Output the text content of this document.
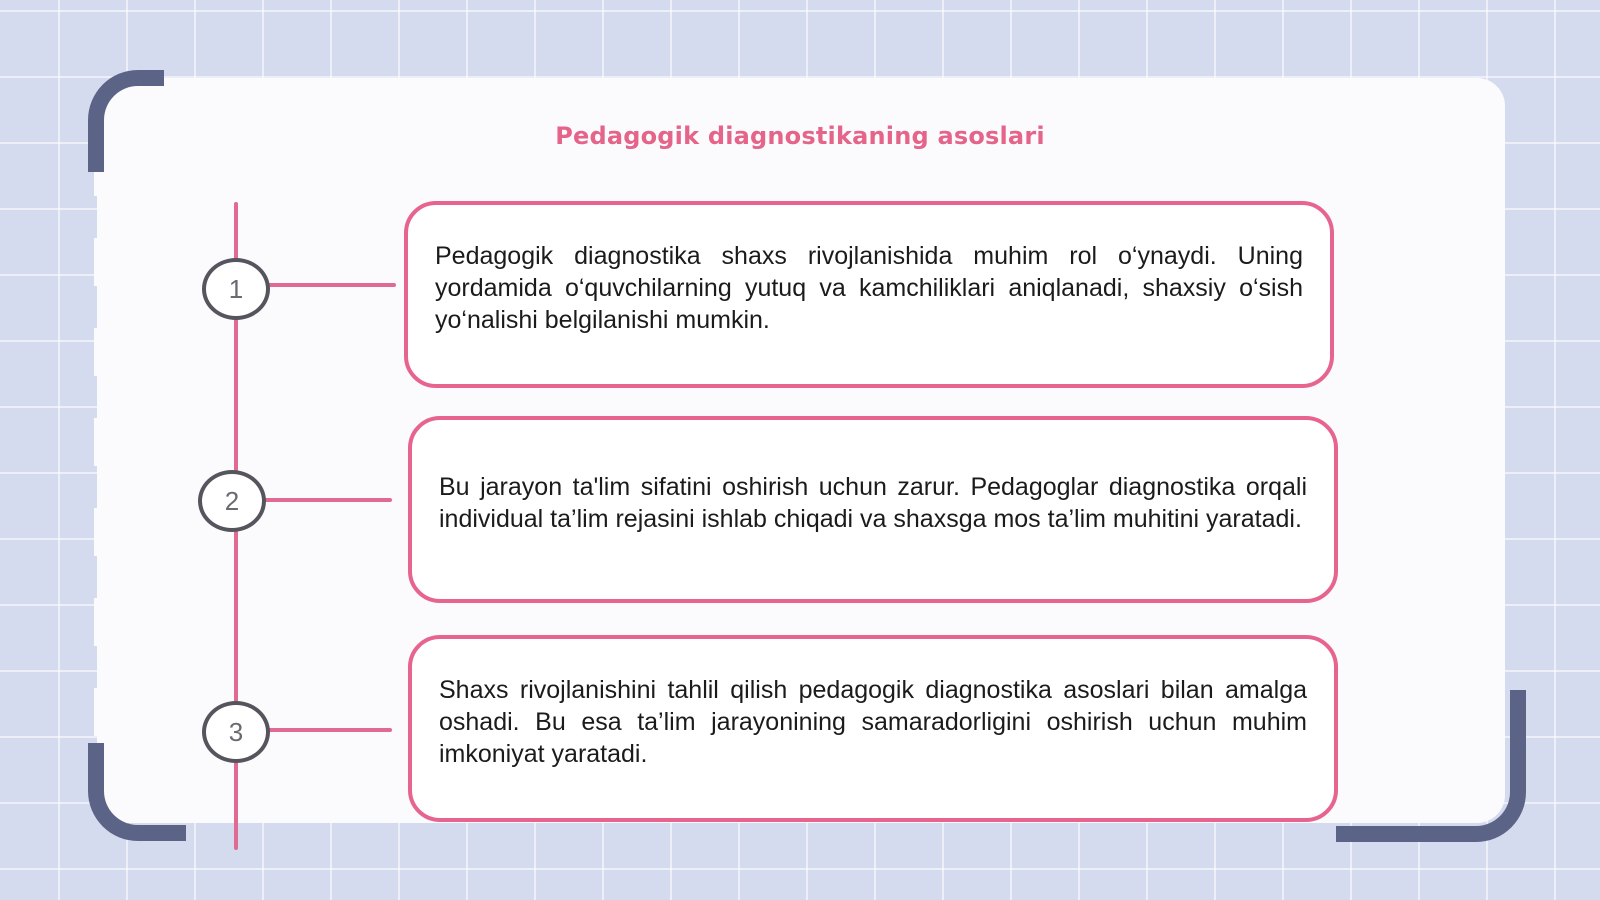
Pedagogik diagnostikaning asoslari
1

Pedagogik diagnostika shaxs rivojlanishida muhim rol o‘ynaydi. Uning yordamida o‘quvchilarning yutuq va kamchiliklari aniqlanadi, shaxsiy o‘sish yo‘nalishi belgilanishi mumkin.

2	Bu jarayon ta'lim sifatini oshirish uchun zarur. Pedagoglar diagnostika orqali individual ta’lim rejasini ishlab chiqadi va shaxsga mos ta’lim muhitini yaratadi.

3

Shaxs rivojlanishini tahlil qilish pedagogik diagnostika asoslari bilan amalga oshadi. Bu esa ta’lim jarayonining samaradorligini oshirish uchun muhim imkoniyat yaratadi.
